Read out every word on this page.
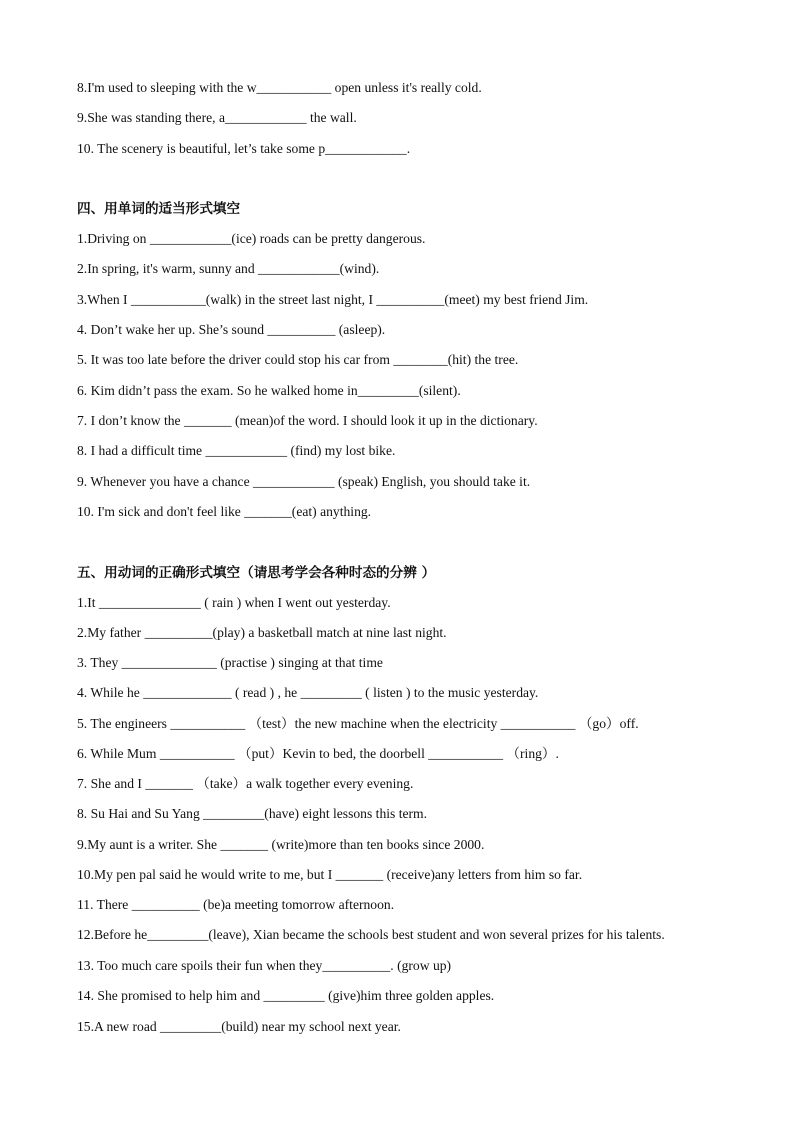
8.I'm used to sleeping with the w___________ open unless it's really cold.
9.She was standing there, a____________ the wall.
10. The scenery is beautiful, let’s take some p____________.
四、用单词的适当形式填空
1.Driving on ____________(ice) roads can be pretty dangerous.
2.In spring, it's warm, sunny and ____________(wind).
3.When I ___________(walk) in the street last night, I __________(meet) my best friend Jim.
4. Don’t wake her up. She’s sound __________ (asleep).
5. It was too late before the driver could stop his car from ________(hit) the tree.
6. Kim didn’t pass the exam. So he walked home in_________(silent).
7. I don’t know the _______ (mean)of the word. I should look it up in the dictionary.
8. I had a difficult time ____________ (find) my lost bike.
9. Whenever you have a chance ____________ (speak) English, you should take it.
10. I'm sick and don't feel like _______(eat) anything.
五、用动词的正确形式填空（请思考学会各种时态的分辨 ）
1.It _______________ ( rain ) when I went out yesterday.
2.My father __________(play) a basketball match at nine last night.
3. They ______________ (practise ) singing at that time
4. While he _____________ ( read ) , he _________ ( listen ) to the music yesterday.
5. The engineers ___________ （test）the new machine when the electricity ___________ （go）off.
6. While Mum ___________ （put）Kevin to bed, the doorbell ___________ （ring）.
7. She and I _______ （take）a walk together every evening.
8. Su Hai and Su Yang _________(have) eight lessons this term.
9.My aunt is a writer. She _______ (write)more than ten books since 2000.
10.My pen pal said he would write to me, but I _______ (receive)any letters from him so far.
11. There __________ (be)a meeting tomorrow afternoon.
12.Before he_________(leave), Xian became the schools best student and won several prizes for his talents.
13. Too much care spoils their fun when they__________. (grow up)
14. She promised to help him and _________ (give)him three golden apples.
15.A new road _________(build) near my school next year.
